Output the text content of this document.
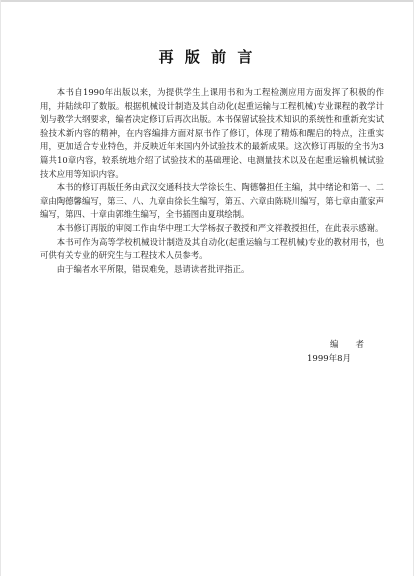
再 版 前 言

本书自1990年出版以来，为提供学生上课用书和为工程检测应用方面发挥了积极的作用，并陆续印了数版。根据机械设计制造及其自动化(起重运输与工程机械)专业课程的教学计划与教学大纲要求，编者决定修订后再次出版。本书保留试验技术知识的系统性和重新充实试验技术新内容的精神，在内容编排方面对原书作了修订，体现了精炼和醒启的特点，注重实用，更加适合专业特色，并反映近年来国内外试验技术的最新成果。这次修订再版的全书为3篇共10章内容，较系统地介绍了试验技术的基础理论、电测量技术以及在起重运输机械试验技术应用等知识内容。

本书的修订再版任务由武汉交通科技大学徐长生、陶德馨担任主编，其中绪论和第一、二章由陶德馨编写，第三、八、九章由徐长生编写，第五、六章由陈晓川编写，第七章由董家声编写，第四、十章由郭维生编写，全书插图由夏琪绘制。

本书修订再版的审阅工作由华中理工大学杨叔子教授和严文祥教授担任，在此表示感谢。

本书可作为高等学校机械设计制造及其自动化(起重运输与工程机械)专业的教材用书，也可供有关专业的研究生与工程技术人员参考。

由于编者水平所限，错误难免，恳请读者批评指正。

编　　者
1999年8月
